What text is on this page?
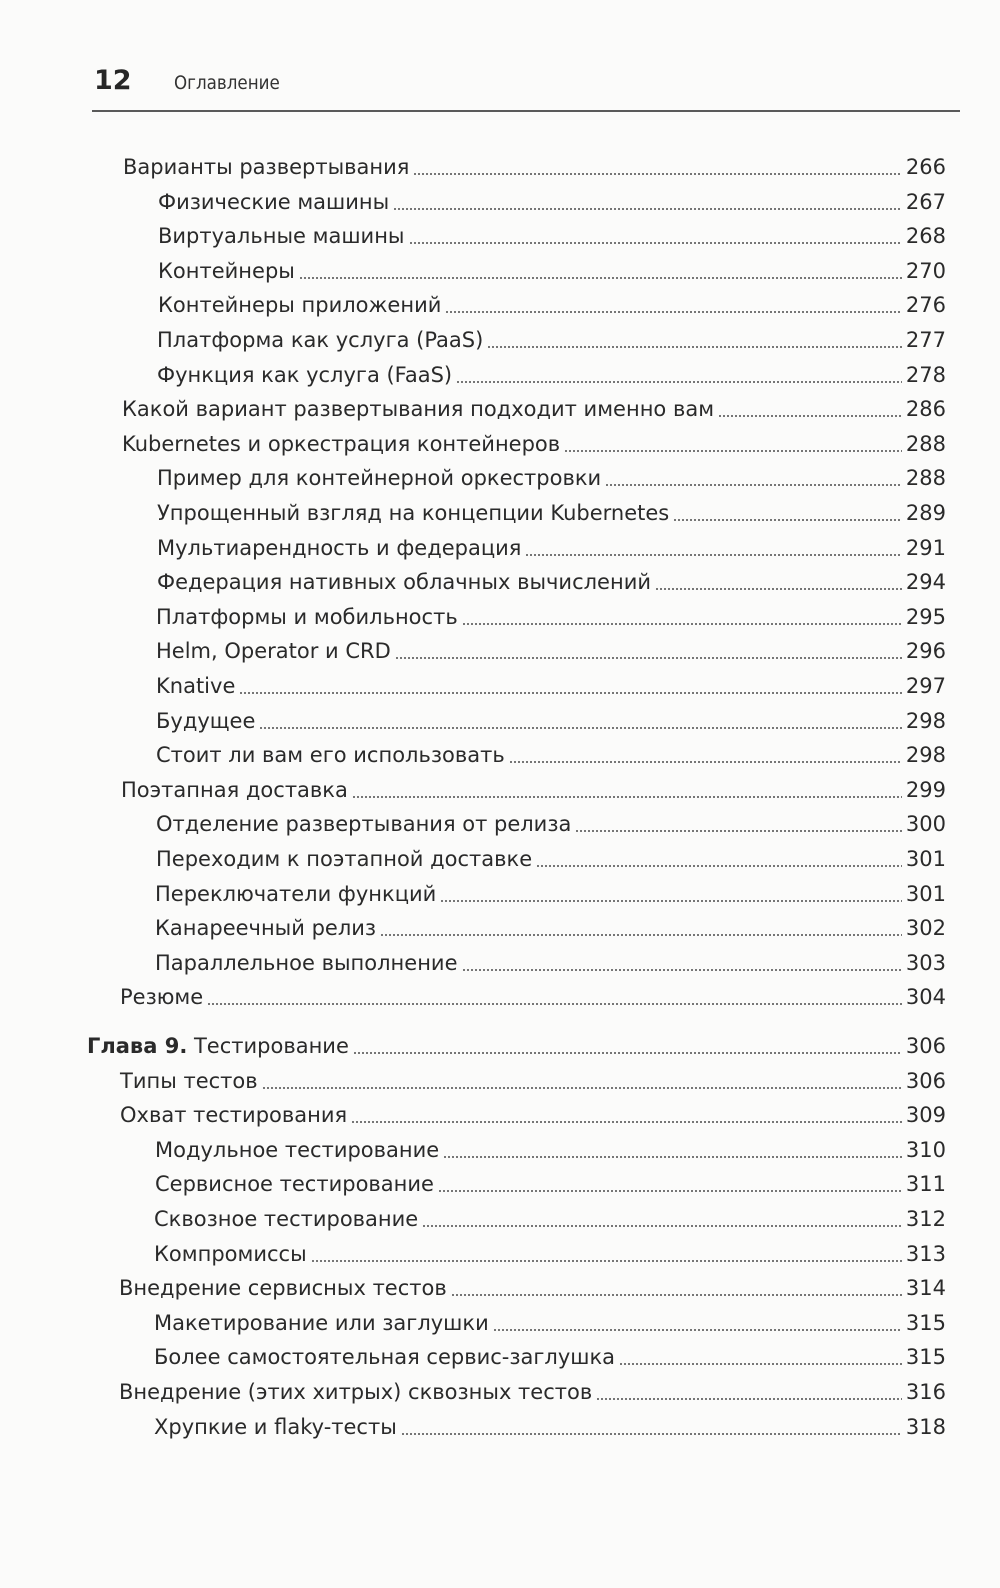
12 Оглавление
Варианты развертывания	266
Физические машины	267
Виртуальные машины	268
Контейнеры	270
Контейнеры приложений	276
Платформа как услуга (PaaS)	277
Функция как услуга (FaaS)	278
Какой вариант развертывания подходит именно вам	286
Kubernetes и оркестрация контейнеров	288
Пример для контейнерной оркестровки	288
Упрощенный взгляд на концепции Kubernetes	289
Мультиарендность и федерация	291
Федерация нативных облачных вычислений	294
Платформы и мобильность	295
Helm, Operator и CRD	296
Knative	297
Будущее	298
Стоит ли вам его использовать	298
Поэтапная доставка	299
Отделение развертывания от релиза	300
Переходим к поэтапной доставке	301
Переключатели функций	301
Канареечный релиз	302
Параллельное выполнение	303
Резюме	304
Глава 9. Тестирование	306
Типы тестов	306
Охват тестирования	309
Модульное тестирование	310
Сервисное тестирование	311
Сквозное тестирование	312
Компромиссы	313
Внедрение сервисных тестов	314
Макетирование или заглушки	315
Более самостоятельная сервис-заглушка	315
Внедрение (этих хитрых) сквозных тестов	316
Хрупкие и flaky-тесты	318
